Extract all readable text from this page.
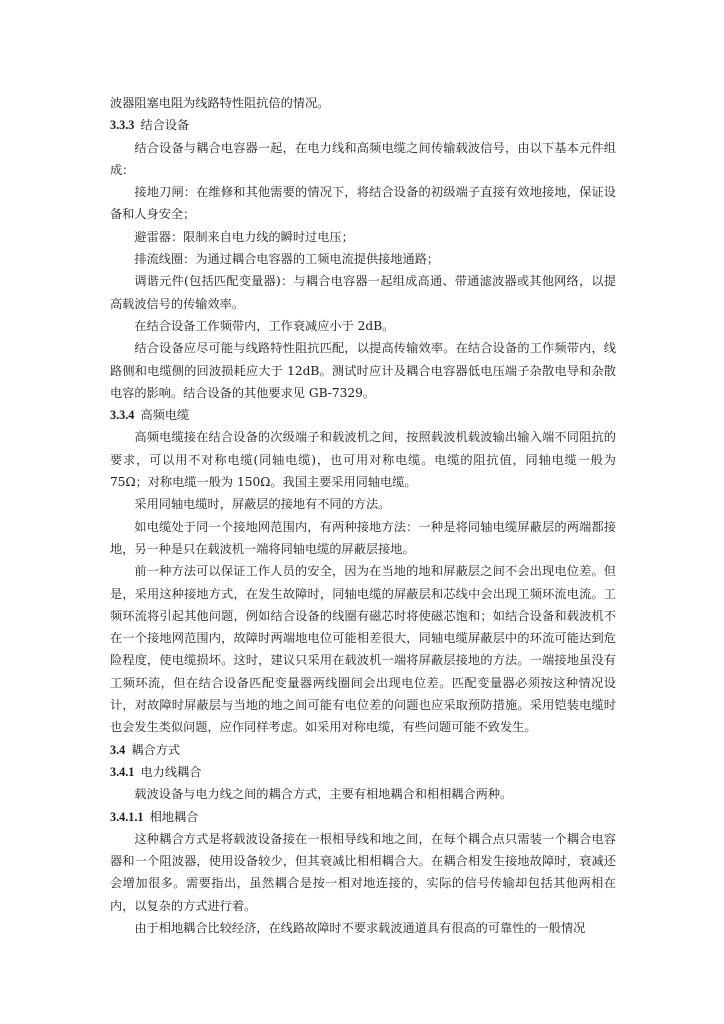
波器阻塞电阻为线路特性阻抗倍的情况。

3.3.3 结合设备

结合设备与耦合电容器一起，在电力线和高频电缆之间传输载波信号，由以下基本元件组成：

接地刀闸：在维修和其他需要的情况下，将结合设备的初级端子直接有效地接地，保证设备和人身安全；

避雷器：限制来自电力线的瞬时过电压；

排流线圈：为通过耦合电容器的工频电流提供接地通路；

调谐元件(包括匹配变量器)：与耦合电容器一起组成高通、带通滤波器或其他网络，以提高载波信号的传输效率。

在结合设备工作频带内，工作衰减应小于 2dB。

结合设备应尽可能与线路特性阻抗匹配，以提高传输效率。在结合设备的工作频带内，线路侧和电缆侧的回波损耗应大于 12dB。测试时应计及耦合电容器低电压端子杂散电导和杂散电容的影响。结合设备的其他要求见 GB-7329。

3.3.4 高频电缆

高频电缆接在结合设备的次级端子和载波机之间，按照载波机载波输出输入端不同阻抗的要求，可以用不对称电缆(同轴电缆)，也可用对称电缆。电缆的阻抗值，同轴电缆一般为 75Ω；对称电缆一般为 150Ω。我国主要采用同轴电缆。

采用同轴电缆时，屏蔽层的接地有不同的方法。

如电缆处于同一个接地网范围内，有两种接地方法：一种是将同轴电缆屏蔽层的两端都接地，另一种是只在载波机一端将同轴电缆的屏蔽层接地。

前一种方法可以保证工作人员的安全，因为在当地的地和屏蔽层之间不会出现电位差。但是，采用这种接地方式，在发生故障时，同轴电缆的屏蔽层和芯线中会出现工频环流电流。工频环流将引起其他问题，例如结合设备的线圈有磁芯时将使磁芯饱和；如结合设备和载波机不在一个接地网范围内，故障时两端地电位可能相差很大，同轴电缆屏蔽层中的环流可能达到危险程度，使电缆损坏。这时，建议只采用在载波机一端将屏蔽层接地的方法。一端接地虽没有工频环流，但在结合设备匹配变量器两线圈间会出现电位差。匹配变量器必须按这种情况设计，对故障时屏蔽层与当地的地之间可能有电位差的问题也应采取预防措施。采用铠装电缆时也会发生类似问题，应作同样考虑。如采用对称电缆，有些问题可能不致发生。

3.4 耦合方式

3.4.1 电力线耦合

载波设备与电力线之间的耦合方式，主要有相地耦合和相相耦合两种。

3.4.1.1 相地耦合

这种耦合方式是将载波设备接在一根相导线和地之间，在每个耦合点只需装一个耦合电容器和一个阻波器，使用设备较少，但其衰减比相相耦合大。在耦合相发生接地故障时，衰减还会增加很多。需要指出，虽然耦合是按一相对地连接的，实际的信号传输却包括其他两相在内，以复杂的方式进行着。

由于相地耦合比较经济，在线路故障时不要求载波通道具有很高的可靠性的一般情况
